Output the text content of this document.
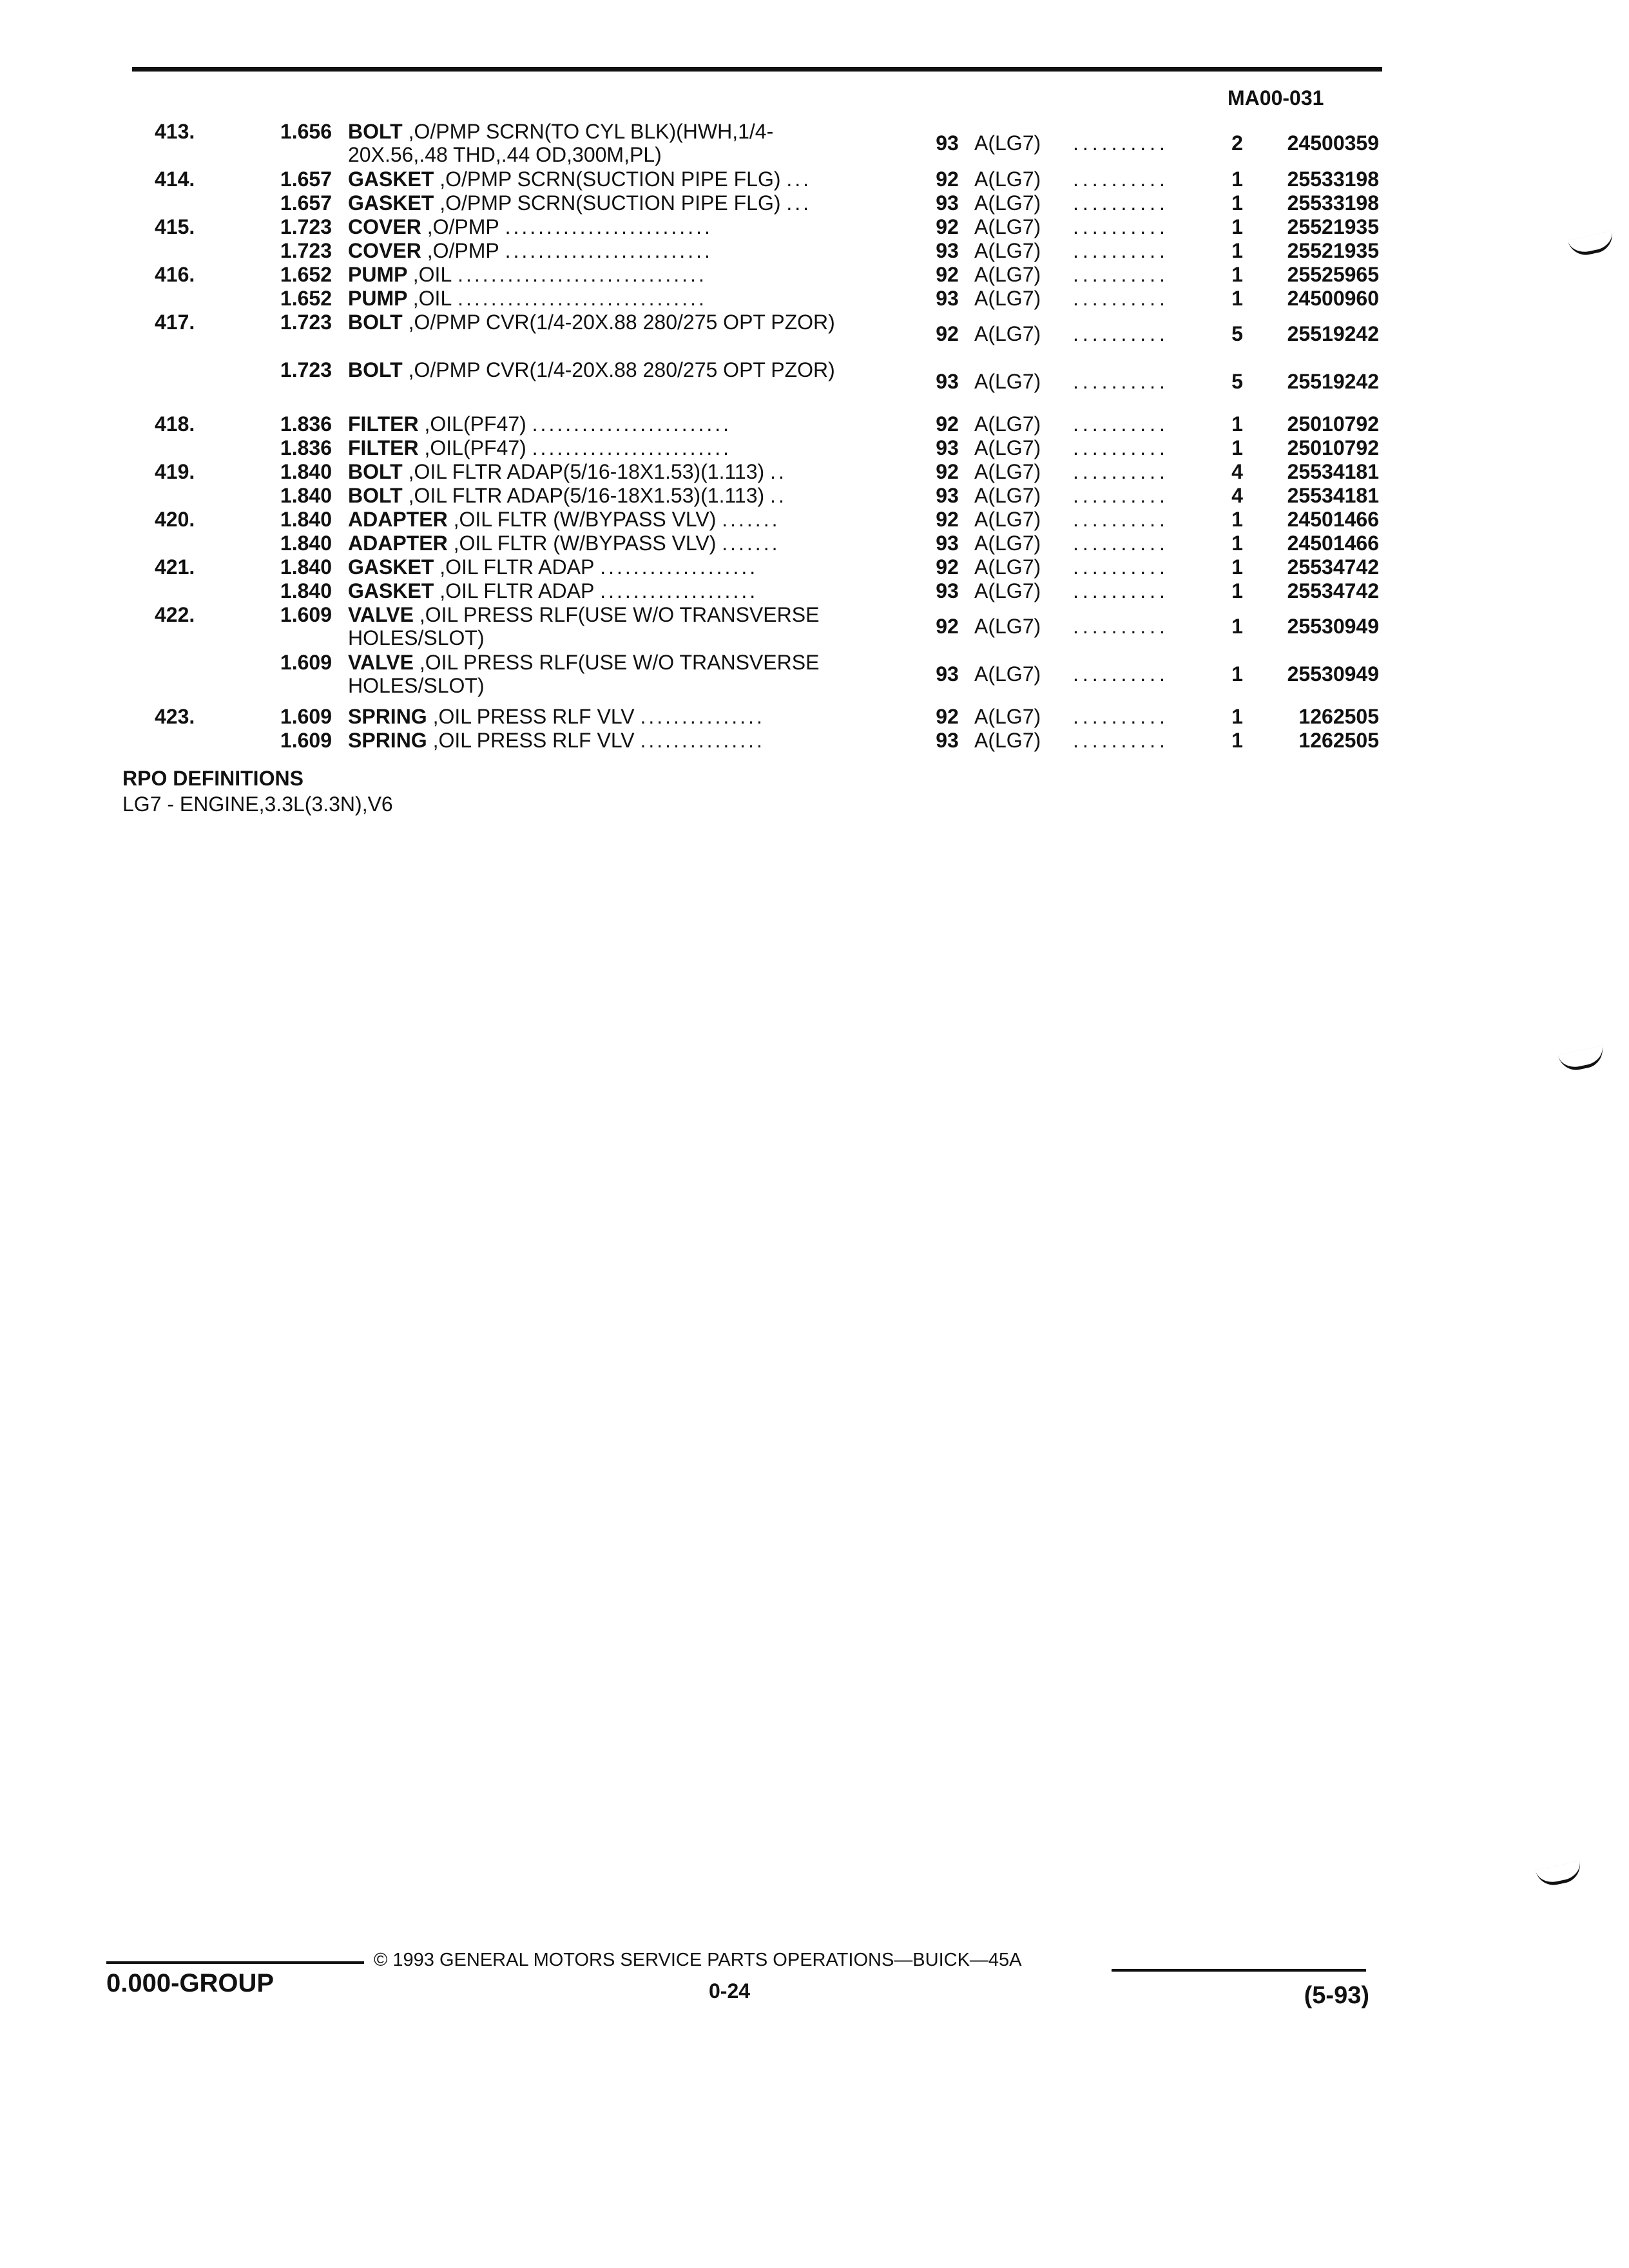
MA00-031
413.	1.656 BOLT ,O/PMP SCRN(TO CYL BLK)(HWH,1/4-20X.56,.48 THD,.44 OD,300M,PL)	93 A(LG7)	..........	2	24500359
414.	1.657 GASKET ,O/PMP SCRN(SUCTION PIPE FLG) ...	92 A(LG7)	..........	1	25533198
1.657 GASKET ,O/PMP SCRN(SUCTION PIPE FLG) ...	93 A(LG7)	..........	1	25533198
415.	1.723 COVER ,O/PMP .........................	92 A(LG7)	..........	1	25521935
1.723 COVER ,O/PMP .........................	93 A(LG7)	..........	1	25521935
416.	1.652 PUMP ,OIL ..............................	92 A(LG7)	..........	1	25525965
1.652 PUMP ,OIL ..............................	93 A(LG7)	..........	1	24500960
417.	1.723 BOLT ,O/PMP CVR(1/4-20X.88 280/275 OPT PZOR)	92 A(LG7)	..........	5	25519242
1.723 BOLT ,O/PMP CVR(1/4-20X.88 280/275 OPT PZOR)	93 A(LG7)	..........	5	25519242
418.	1.836 FILTER ,OIL(PF47) ........................	92 A(LG7)	..........	1	25010792
1.836 FILTER ,OIL(PF47) ........................	93 A(LG7)	..........	1	25010792
419.	1.840 BOLT ,OIL FLTR ADAP(5/16-18X1.53)(1.113) ..	92 A(LG7)	..........	4	25534181
1.840 BOLT ,OIL FLTR ADAP(5/16-18X1.53)(1.113) ..	93 A(LG7)	..........	4	25534181
420.	1.840 ADAPTER ,OIL FLTR (W/BYPASS VLV) .......	92 A(LG7)	..........	1	24501466
1.840 ADAPTER ,OIL FLTR (W/BYPASS VLV) .......	93 A(LG7)	..........	1	24501466
421.	1.840 GASKET ,OIL FLTR ADAP ...................	92 A(LG7)	..........	1	25534742
1.840 GASKET ,OIL FLTR ADAP ...................	93 A(LG7)	..........	1	25534742
422.	1.609 VALVE ,OIL PRESS RLF(USE W/O TRANSVERSE HOLES/SLOT)	92 A(LG7)	..........	1	25530949
1.609 VALVE ,OIL PRESS RLF(USE W/O TRANSVERSE HOLES/SLOT)	93 A(LG7)	..........	1	25530949
423.	1.609 SPRING ,OIL PRESS RLF VLV ...............	92 A(LG7)	..........	1	1262505
1.609 SPRING ,OIL PRESS RLF VLV ...............	93 A(LG7)	..........	1	1262505
RPO DEFINITIONS
LG7 - ENGINE,3.3L(3.3N),V6
0.000-GROUP
© 1993 GENERAL MOTORS SERVICE PARTS OPERATIONS—BUICK—45A
0-24	(5-93)
